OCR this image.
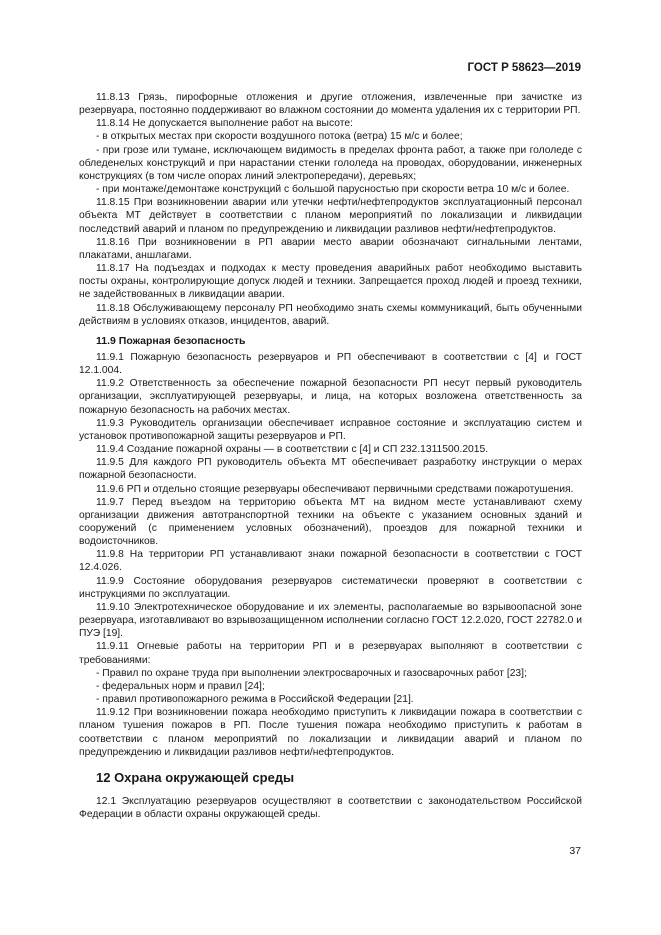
ГОСТ Р 58623—2019

11.8.13 Грязь, пирофорные отложения и другие отложения, извлеченные при зачистке из резервуара, постоянно поддерживают во влажном состоянии до момента удаления их с территории РП.

11.8.14 Не допускается выполнение работ на высоте:

- в открытых местах при скорости воздушного потока (ветра) 15 м/с и более;

- при грозе или тумане, исключающем видимость в пределах фронта работ, а также при гололеде с обледенелых конструкций и при нарастании стенки гололеда на проводах, оборудовании, инженерных конструкциях (в том числе опорах линий электропередачи), деревьях;

- при монтаже/демонтаже конструкций с большой парусностью при скорости ветра 10 м/с и более.

11.8.15 При возникновении аварии или утечки нефти/нефтепродуктов эксплуатационный персонал объекта МТ действует в соответствии с планом мероприятий по локализации и ликвидации последствий аварий и планом по предупреждению и ликвидации разливов нефти/нефтепродуктов.

11.8.16 При возникновении в РП аварии место аварии обозначают сигнальными лентами, плакатами, аншлагами.

11.8.17 На подъездах и подходах к месту проведения аварийных работ необходимо выставить посты охраны, контролирующие допуск людей и техники. Запрещается проход людей и проезд техники, не задействованных в ликвидации аварии.

11.8.18 Обслуживающему персоналу РП необходимо знать схемы коммуникаций, быть обученными действиям в условиях отказов, инцидентов, аварий.

11.9 Пожарная безопасность

11.9.1 Пожарную безопасность резервуаров и РП обеспечивают в соответствии с [4] и ГОСТ 12.1.004.

11.9.2 Ответственность за обеспечение пожарной безопасности РП несут первый руководитель организации, эксплуатирующей резервуары, и лица, на которых возложена ответственность за пожарную безопасность на рабочих местах.

11.9.3 Руководитель организации обеспечивает исправное состояние и эксплуатацию систем и установок противопожарной защиты резервуаров и РП.

11.9.4 Создание пожарной охраны — в соответствии с [4] и СП 232.1311500.2015.

11.9.5 Для каждого РП руководитель объекта МТ обеспечивает разработку инструкции о мерах пожарной безопасности.

11.9.6 РП и отдельно стоящие резервуары обеспечивают первичными средствами пожаротушения.

11.9.7 Перед въездом на территорию объекта МТ на видном месте устанавливают схему организации движения автотранспортной техники на объекте с указанием основных зданий и сооружений (с применением условных обозначений), проездов для пожарной техники и водоисточников.

11.9.8 На территории РП устанавливают знаки пожарной безопасности в соответствии с ГОСТ 12.4.026.

11.9.9 Состояние оборудования резервуаров систематически проверяют в соответствии с инструкциями по эксплуатации.

11.9.10 Электротехническое оборудование и их элементы, располагаемые во взрывоопасной зоне резервуара, изготавливают во взрывозащищенном исполнении согласно ГОСТ 12.2.020, ГОСТ 22782.0 и ПУЭ [19].

11.9.11 Огневые работы на территории РП и в резервуарах выполняют в соответствии с требованиями:

- Правил по охране труда при выполнении электросварочных и газосварочных работ [23];

- федеральных норм и правил [24];

- правил противопожарного режима в Российской Федерации [21].

11.9.12 При возникновении пожара необходимо приступить к ликвидации пожара в соответствии с планом тушения пожаров в РП. После тушения пожара необходимо приступить к работам в соответствии с планом мероприятий по локализации и ликвидации аварий и планом по предупреждению и ликвидации разливов нефти/нефтепродуктов.

12 Охрана окружающей среды

12.1 Эксплуатацию резервуаров осуществляют в соответствии с законодательством Российской Федерации в области охраны окружающей среды.

37
